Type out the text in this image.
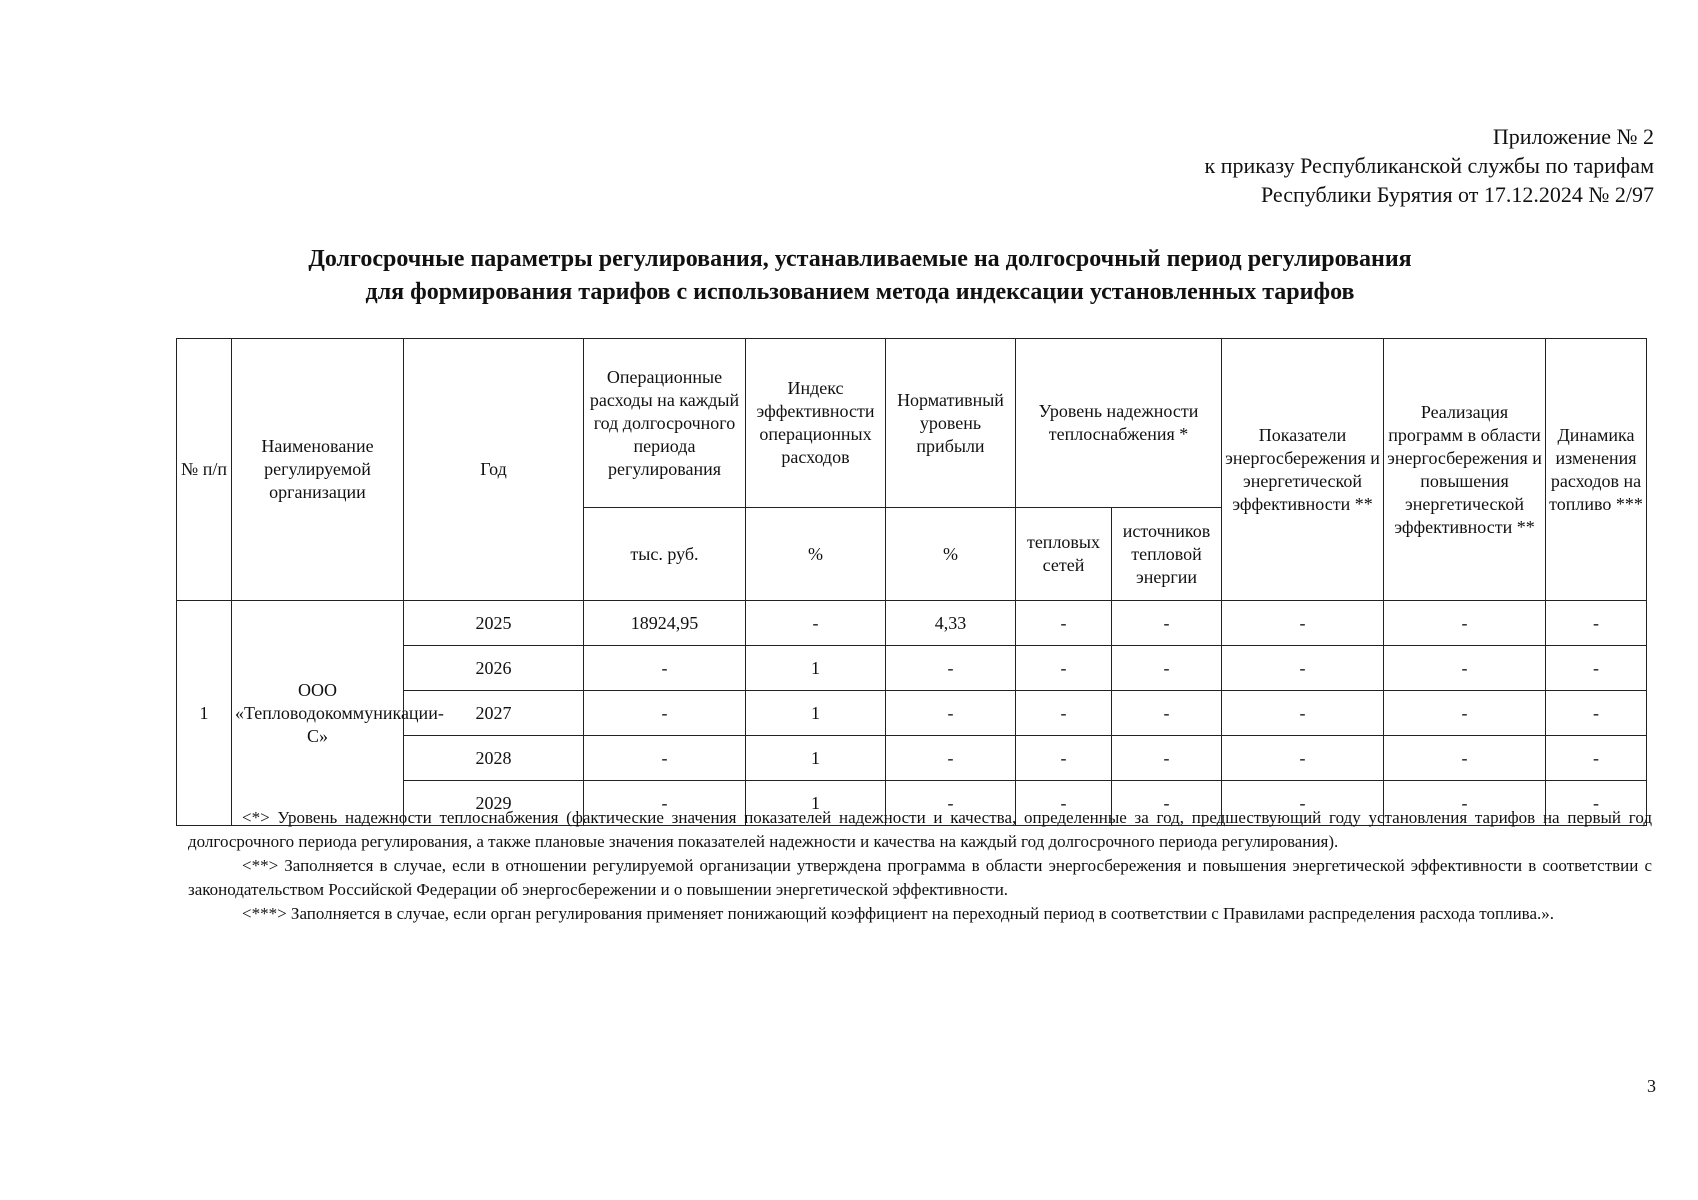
Приложение № 2
к приказу Республиканской службы по тарифам
Республики Бурятия от 17.12.2024 № 2/97
Долгосрочные параметры регулирования, устанавливаемые на долгосрочный период регулирования
для формирования тарифов с использованием метода индексации установленных тарифов
№ п/п	Наименование регулируемой организации	Год	Операционные расходы на каждый год долгосрочного периода регулирования	Индекс эффективности операционных расходов	Нормативный уровень прибыли	Уровень надежности теплоснабжения *		Показатели энергосбережения и энергетической эффективности **	Реализация программ в области энергосбережения и повышения энергетической эффективности **	Динамика изменения расходов на топливо ***
			тыс. руб.	%	%	тепловых сетей	источников тепловой энергии			
1	ООО «Тепловодокоммуникации-С»	2025	18924,95	-	4,33	-	-	-	-	-
		2026	-	1	-	-	-	-	-	-
		2027	-	1	-	-	-	-	-	-
		2028	-	1	-	-	-	-	-	-
		2029	-	1	-	-	-	-	-	-

<*> Уровень надежности теплоснабжения (фактические значения показателей надежности и качества, определенные за год, предшествующий году установления тарифов на первый год долгосрочного периода регулирования, а также плановые значения показателей надежности и качества на каждый год долгосрочного периода регулирования).

<**> Заполняется в случае, если в отношении регулируемой организации утверждена программа в области энергосбережения и повышения энергетической эффективности в соответствии с законодательством Российской Федерации об энергосбережении и о повышении энергетической эффективности.

<***> Заполняется в случае, если орган регулирования применяет понижающий коэффициент на переходный период в соответствии с Правилами распределения расхода топлива.».

3
